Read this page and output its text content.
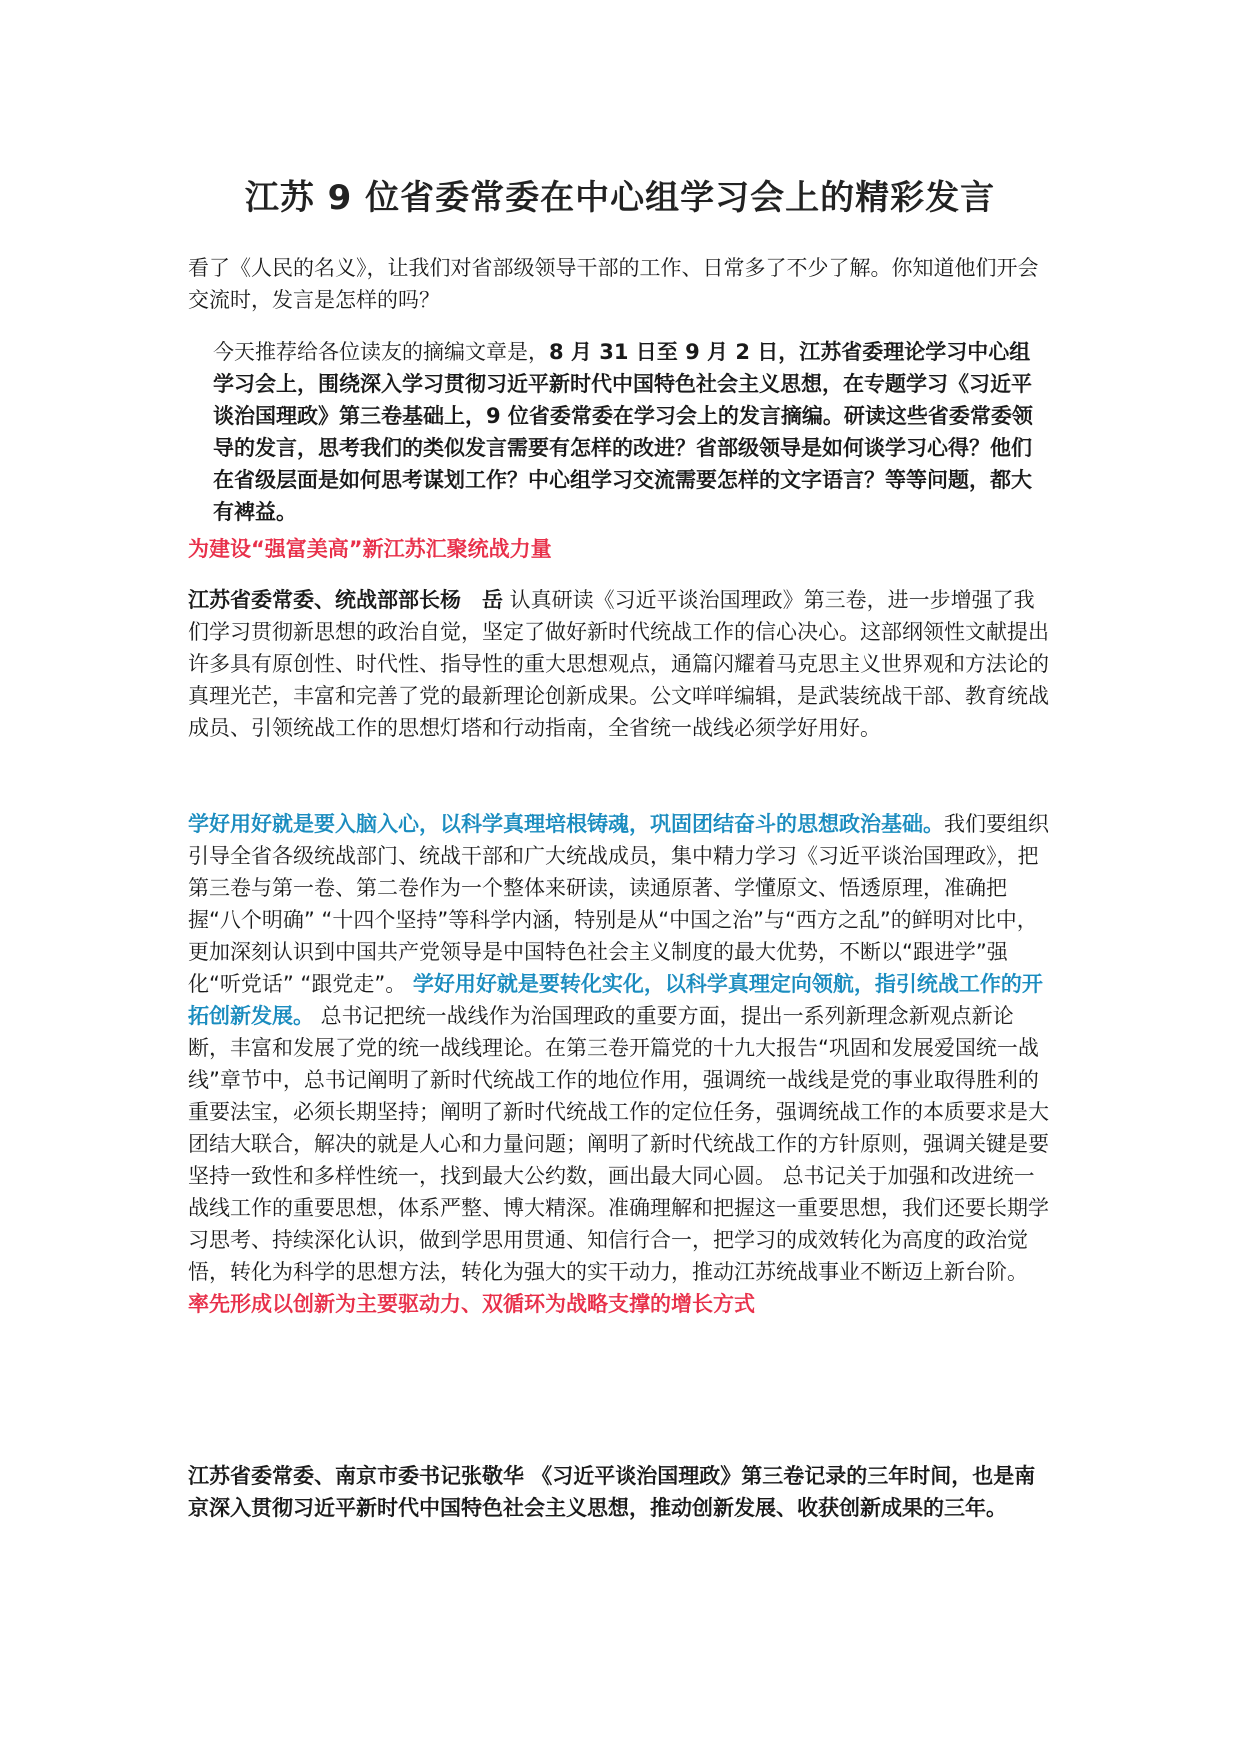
江苏 9 位省委常委在中心组学习会上的精彩发言
看了《人民的名义》，让我们对省部级领导干部的工作、日常多了不少了解。你知道他们开会交流时，发言是怎样的吗？
今天推荐给各位读友的摘编文章是，8 月 31 日至 9 月 2 日，江苏省委理论学习中心组学习会上，围绕深入学习贯彻习近平新时代中国特色社会主义思想，在专题学习《习近平谈治国理政》第三卷基础上，9 位省委常委在学习会上的发言摘编。研读这些省委常委领导的发言，思考我们的类似发言需要有怎样的改进？省部级领导是如何谈学习心得？他们在省级层面是如何思考谋划工作？中心组学习交流需要怎样的文字语言？等等问题，都大有裨益。
为建设“强富美高”新江苏汇聚统战力量
江苏省委常委、统战部部长杨　岳 认真研读《习近平谈治国理政》第三卷，进一步增强了我们学习贯彻新思想的政治自觉，坚定了做好新时代统战工作的信心决心。这部纲领性文献提出许多具有原创性、时代性、指导性的重大思想观点，通篇闪耀着马克思主义世界观和方法论的真理光芒，丰富和完善了党的最新理论创新成果。公文咩咩编辑，是武装统战干部、教育统战成员、引领统战工作的思想灯塔和行动指南，全省统一战线必须学好用好。
学好用好就是要入脑入心，以科学真理培根铸魂，巩固团结奋斗的思想政治基础。我们要组织引导全省各级统战部门、统战干部和广大统战成员，集中精力学习《习近平谈治国理政》，把第三卷与第一卷、第二卷作为一个整体来研读，读通原著、学懂原文、悟透原理，准确把握“八个明确” “十四个坚持”等科学内涵，特别是从“中国之治”与“西方之乱”的鲜明对比中，更加深刻认识到中国共产党领导是中国特色社会主义制度的最大优势，不断以“跟进学”强化“听党话” “跟党走”。 学好用好就是要转化实化，以科学真理定向领航，指引统战工作的开拓创新发展。 总书记把统一战线作为治国理政的重要方面，提出一系列新理念新观点新论断，丰富和发展了党的统一战线理论。在第三卷开篇党的十九大报告“巩固和发展爱国统一战线”章节中，总书记阐明了新时代统战工作的地位作用，强调统一战线是党的事业取得胜利的重要法宝，必须长期坚持；阐明了新时代统战工作的定位任务，强调统战工作的本质要求是大团结大联合，解决的就是人心和力量问题；阐明了新时代统战工作的方针原则，强调关键是要坚持一致性和多样性统一，找到最大公约数，画出最大同心圆。 总书记关于加强和改进统一战线工作的重要思想，体系严整、博大精深。准确理解和把握这一重要思想，我们还要长期学习思考、持续深化认识，做到学思用贯通、知信行合一，把学习的成效转化为高度的政治觉悟，转化为科学的思想方法，转化为强大的实干动力，推动江苏统战事业不断迈上新台阶。 率先形成以创新为主要驱动力、双循环为战略支撑的增长方式
江苏省委常委、南京市委书记张敬华 《习近平谈治国理政》第三卷记录的三年时间，也是南京深入贯彻习近平新时代中国特色社会主义思想，推动创新发展、收获创新成果的三年。
